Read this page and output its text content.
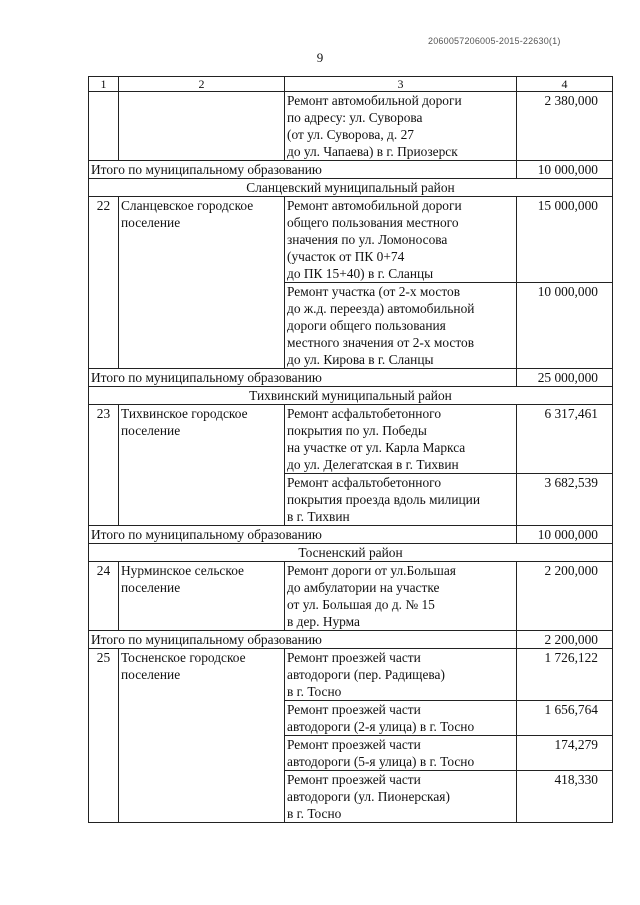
2060057206005-2015-22630(1)
9
1	2	3	4
		Ремонт автомобильной дороги
по адресу: ул. Суворова
(от ул. Суворова, д. 27
до ул. Чапаева) в г. Приозерск	2 380,000
Итого по муниципальному образованию			10 000,000
Сланцевский муниципальный район			
22	Сланцевское городское
поселение	Ремонт автомобильной дороги
общего пользования местного
значения по ул. Ломоносова
(участок от ПК 0+74
до ПК 15+40) в г. Сланцы	15 000,000
		Ремонт участка (от 2-х мостов
до ж.д. переезда) автомобильной
дороги общего пользования
местного значения от 2-х мостов
до ул. Кирова в г. Сланцы	10 000,000
Итого по муниципальному образованию			25 000,000
Тихвинский муниципальный район			
23	Тихвинское городское
поселение	Ремонт асфальтобетонного
покрытия по ул. Победы
на участке от ул. Карла Маркса
до ул. Делегатская в г. Тихвин	6 317,461
		Ремонт асфальтобетонного
покрытия проезда вдоль милиции
в г. Тихвин	3 682,539
Итого по муниципальному образованию			10 000,000
Тосненский район			
24	Нурминское сельское
поселение	Ремонт дороги от ул.Большая
до амбулатории на участке
от ул. Большая до д. № 15
в дер. Нурма	2 200,000
Итого по муниципальному образованию			2 200,000
25	Тосненское городское
поселение	Ремонт проезжей части
автодороги (пер. Радищева)
в г. Тосно	1 726,122
		Ремонт проезжей части
автодороги (2-я улица) в г. Тосно	1 656,764
		Ремонт проезжей части
автодороги (5-я улица) в г. Тосно	174,279
		Ремонт проезжей части
автодороги (ул. Пионерская)
в г. Тосно	418,330
